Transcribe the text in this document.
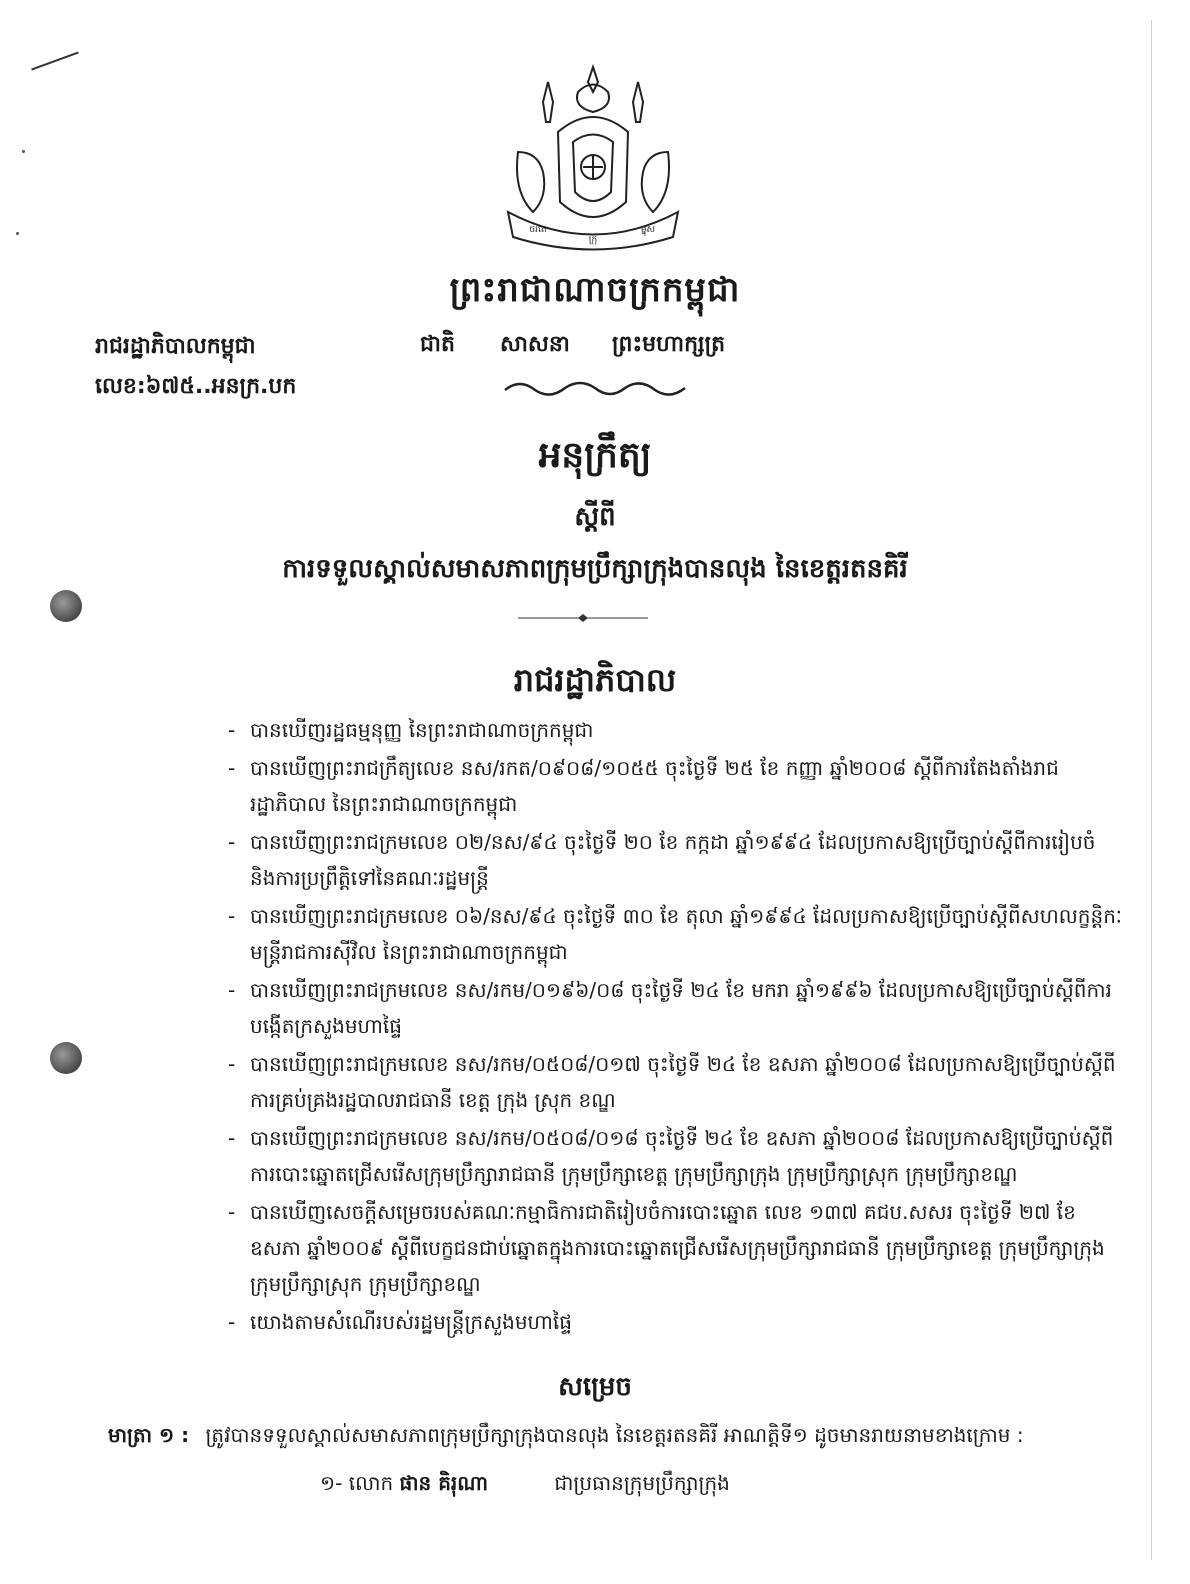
ចរតេ
ក្រុ
ម្នុស
ព្រះរាជាណាចក្រកម្ពុជា
រាជរដ្ឋាភិបាលកម្ពុជា	ជាតិ សាសនា ព្រះមហាក្សត្រ
លេខ:៦៧៥..អនក្រ.បក
អនុក្រឹត្យ
ស្តីពី
ការទទួលស្គាល់សមាសភាពក្រុមប្រឹក្សាក្រុងបានលុង នៃខេត្តរតនគិរី
រាជរដ្ឋាភិបាល
- បានឃើញរដ្ឋធម្មនុញ្ញ នៃព្រះរាជាណាចក្រកម្ពុជា
- បានឃើញព្រះរាជក្រឹត្យលេខ នស/រកត/០៩០៨/១០៥៥ ចុះថ្ងៃទី ២៥ ខែ កញ្ញា ឆ្នាំ២០០៨ ស្តីពីការតែងតាំងរាជរដ្ឋាភិបាល នៃព្រះរាជាណាចក្រកម្ពុជា
- បានឃើញព្រះរាជក្រមលេខ ០២/នស/៩៤ ចុះថ្ងៃទី ២០ ខែ កក្កដា ឆ្នាំ១៩៩៤ ដែលប្រកាសឱ្យប្រើច្បាប់ស្តីពីការរៀបចំ និងការប្រព្រឹត្តិទៅនៃគណៈរដ្ឋមន្ត្រី
- បានឃើញព្រះរាជក្រមលេខ ០៦/នស/៩៤ ចុះថ្ងៃទី ៣០ ខែ តុលា ឆ្នាំ១៩៩៤ ដែលប្រកាសឱ្យប្រើច្បាប់ស្តីពីសហលក្ខន្តិកៈមន្ត្រីរាជការស៊ីវិល នៃព្រះរាជាណាចក្រកម្ពុជា
- បានឃើញព្រះរាជក្រមលេខ នស/រកម/០១៩៦/០៨ ចុះថ្ងៃទី ២៤ ខែ មករា ឆ្នាំ១៩៩៦ ដែលប្រកាសឱ្យប្រើច្បាប់ស្តីពីការបង្កើតក្រសួងមហាផ្ទៃ
- បានឃើញព្រះរាជក្រមលេខ នស/រកម/០៥០៨/០១៧ ចុះថ្ងៃទី ២៤ ខែ ឧសភា ឆ្នាំ២០០៨ ដែលប្រកាសឱ្យប្រើច្បាប់ស្តីពីការគ្រប់គ្រងរដ្ឋបាលរាជធានី ខេត្ត ក្រុង ស្រុក ខណ្ឌ
- បានឃើញព្រះរាជក្រមលេខ នស/រកម/០៥០៨/០១៨ ចុះថ្ងៃទី ២៤ ខែ ឧសភា ឆ្នាំ២០០៨ ដែលប្រកាសឱ្យប្រើច្បាប់ស្តីពីការបោះឆ្នោតជ្រើសរើសក្រុមប្រឹក្សារាជធានី ក្រុមប្រឹក្សាខេត្ត ក្រុមប្រឹក្សាក្រុង ក្រុមប្រឹក្សាស្រុក ក្រុមប្រឹក្សាខណ្ឌ
- បានឃើញសេចក្តីសម្រេចរបស់គណៈកម្មាធិការជាតិរៀបចំការបោះឆ្នោត លេខ ១៣៧ គជប.សសរ ចុះថ្ងៃទី ២៧ ខែ ឧសភា ឆ្នាំ២០០៩ ស្តីពីបេក្ខជនជាប់ឆ្នោតក្នុងការបោះឆ្នោតជ្រើសរើសក្រុមប្រឹក្សារាជធានី ក្រុមប្រឹក្សាខេត្ត ក្រុមប្រឹក្សាក្រុង ក្រុមប្រឹក្សាស្រុក ក្រុមប្រឹក្សាខណ្ឌ
- យោងតាមសំណើរបស់រដ្ឋមន្ត្រីក្រសួងមហាផ្ទៃ
សម្រេច
មាត្រា ១ : ត្រូវបានទទួលស្គាល់សមាសភាពក្រុមប្រឹក្សាក្រុងបានលុង នៃខេត្តរតនគិរី អាណត្តិទី១ ដូចមានរាយនាមខាងក្រោម :
១- លោក ផាន គិរុណា	ជាប្រធានក្រុមប្រឹក្សាក្រុង
